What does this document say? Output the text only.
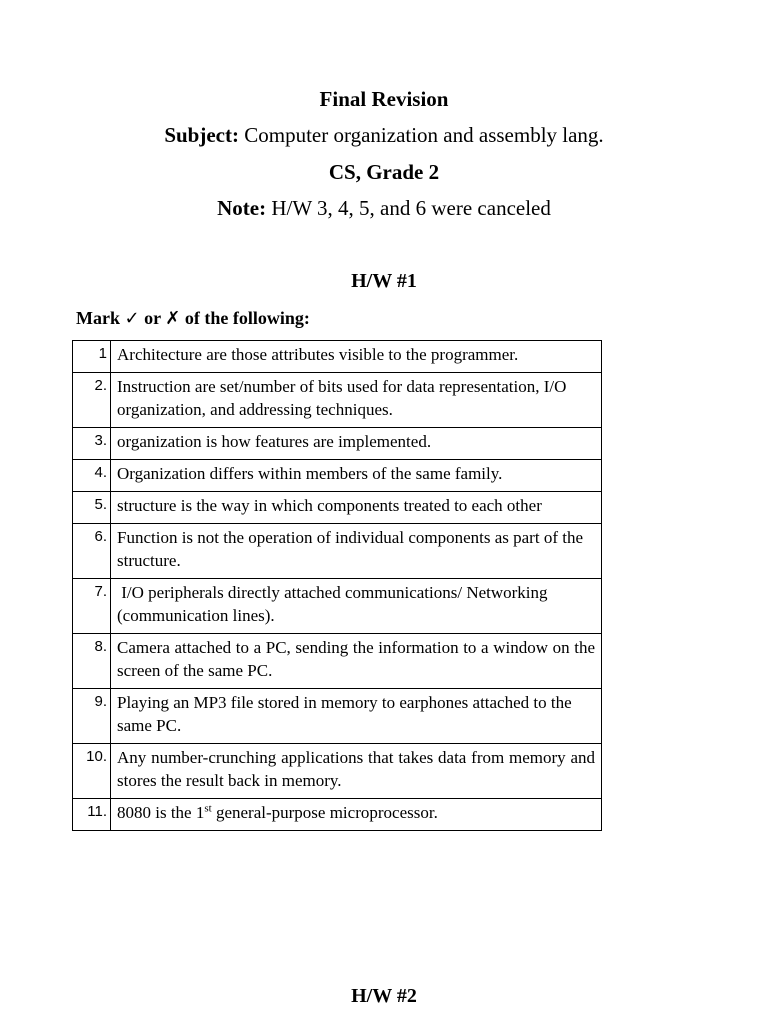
Final Revision
Subject: Computer organization and assembly lang.
CS, Grade 2
Note: H/W 3, 4, 5, and 6 were canceled
H/W #1
Mark ✓ or ✗ of the following:
1	Architecture are those attributes visible to the programmer.
2.	Instruction are set/number of bits used for data representation, I/O organization, and addressing techniques.
3.	organization is how features are implemented.
4.	Organization differs within members of the same family.
5.	structure is the way in which components treated to each other
6.	Function is not the operation of individual components as part of the structure.
7.	I/O peripherals directly attached communications/ Networking (communication lines).
8.	Camera attached to a PC, sending the information to a window on the screen of the same PC.
9.	Playing an MP3 file stored in memory to earphones attached to the same PC.
10.	Any number-crunching applications that takes data from memory and stores the result back in memory.
11.	8080 is the 1st general-purpose microprocessor.
H/W #2
